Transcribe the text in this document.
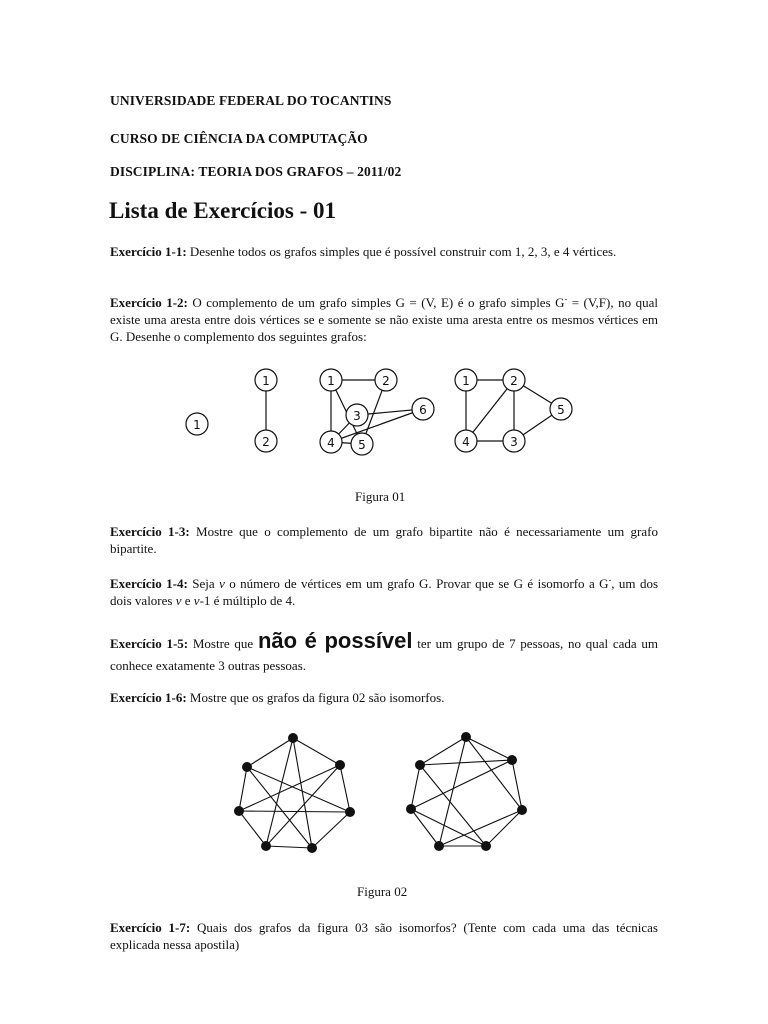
UNIVERSIDADE FEDERAL DO TOCANTINS
CURSO DE CIÊNCIA DA COMPUTAÇÃO
DISCIPLINA: TEORIA DOS GRAFOS – 2011/02
Lista de Exercícios - 01
Exercício 1-1: Desenhe todos os grafos simples que é possível construir com 1, 2, 3, e 4 vértices.
Exercício 1-2: O complemento de um grafo simples G = (V, E) é o grafo simples G- = (V,F), no qual existe uma aresta entre dois vértices se e somente se não existe uma aresta entre os mesmos vértices em G. Desenhe o complemento dos seguintes grafos:
1
1
2
1	2
3	6
4 5
1	2
5
4	3
Figura 01
Exercício 1-3: Mostre que o complemento de um grafo bipartite não é necessariamente um grafo bipartite.
Exercício 1-4: Seja v o número de vértices em um grafo G. Provar que se G é isomorfo a G-, um dos dois valores v e v-1 é múltiplo de 4.
Exercício 1-5: Mostre que não é possível ter um grupo de 7 pessoas, no qual cada um conhece exatamente 3 outras pessoas.
Exercício 1-6: Mostre que os grafos da figura 02 são isomorfos.
Figura 02
Exercício 1-7: Quais dos grafos da figura 03 são isomorfos? (Tente com cada uma das técnicas explicada nessa apostila)
